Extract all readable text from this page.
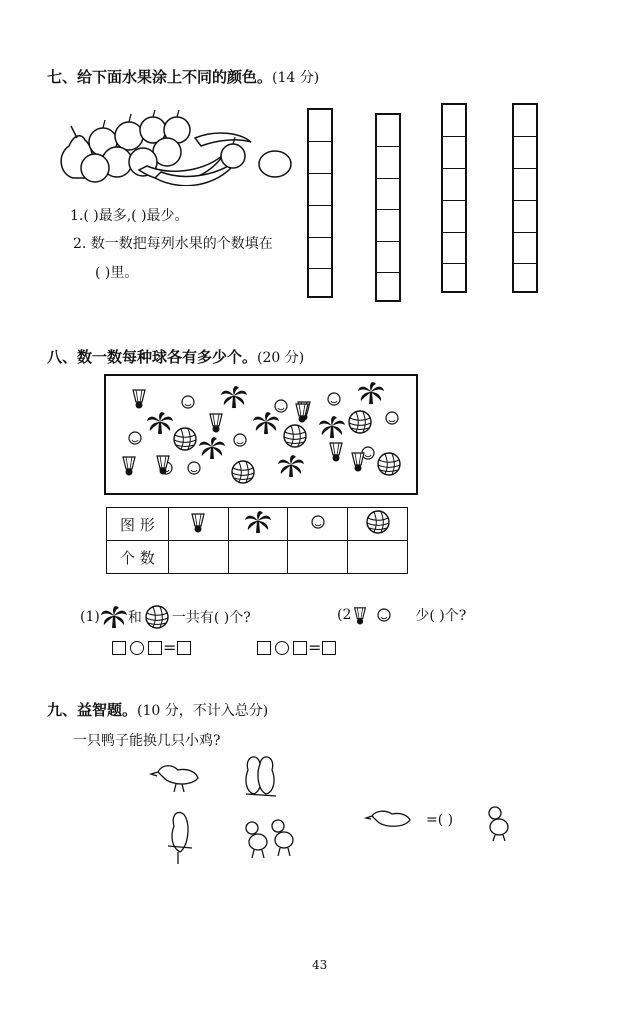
七、给下面水果涂上不同的颜色。(14 分)
1.( )最多,( )最少。
2. 数一数把每列水果的个数填在
( )里。
八、数一数每种球各有多少个。(20 分)
图 形				
个 数				
(1) 和 一共有( )个?	(2	少( )个?
=	=
九、益智题。(10 分，不计入总分)
一只鸭子能换几只小鸡?
=( )
43
